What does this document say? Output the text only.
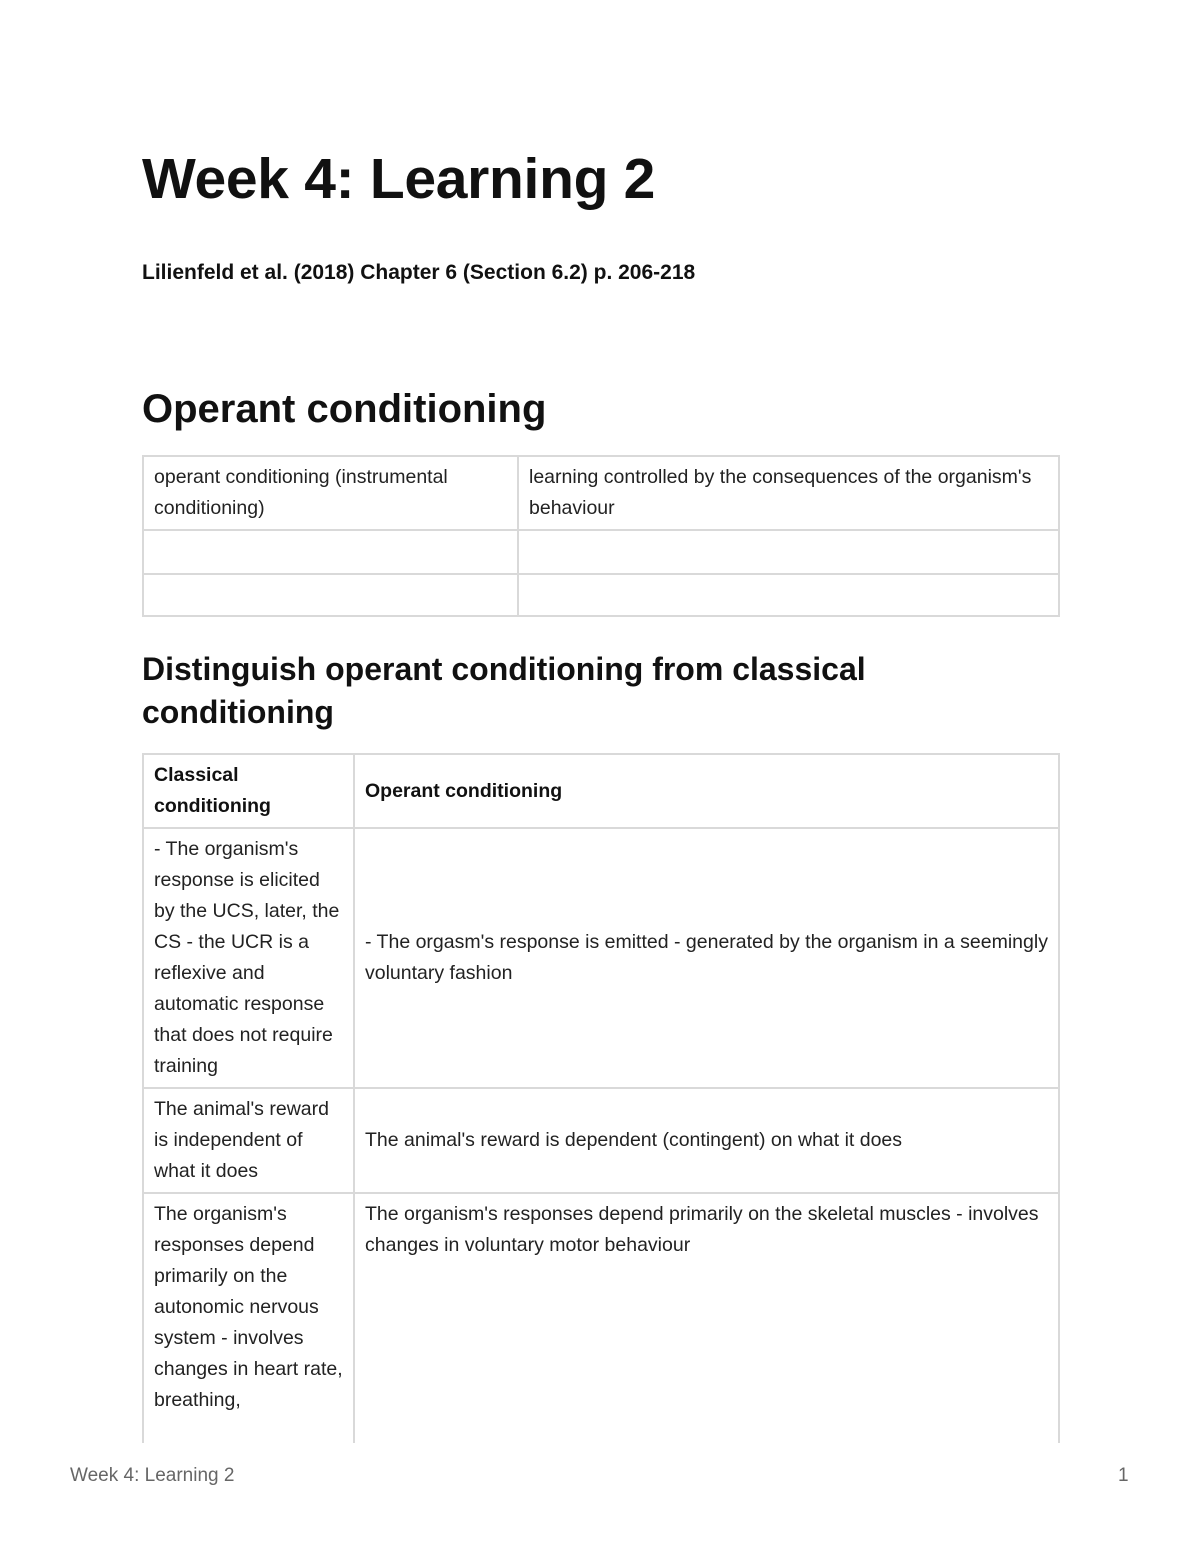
Week 4: Learning 2

Lilienfeld et al. (2018) Chapter 6 (Section 6.2) p. 206-218

Operant conditioning
operant conditioning (instrumental conditioning)	learning controlled by the consequences of the organism's behaviour

Distinguish operant conditioning from classical conditioning
Classical conditioning	Operant conditioning
- The organism's response is elicited by the UCS, later, the CS - the UCR is a reflexive and automatic response that does not require training	- The orgasm's response is emitted - generated by the organism in a seemingly voluntary fashion
The animal's reward is independent of what it does	The animal's reward is dependent (contingent) on what it does
The organism's responses depend primarily on the autonomic nervous system - involves changes in heart rate, breathing,	The organism's responses depend primarily on the skeletal muscles - involves changes in voluntary motor behaviour
Week 4: Learning 2	1
